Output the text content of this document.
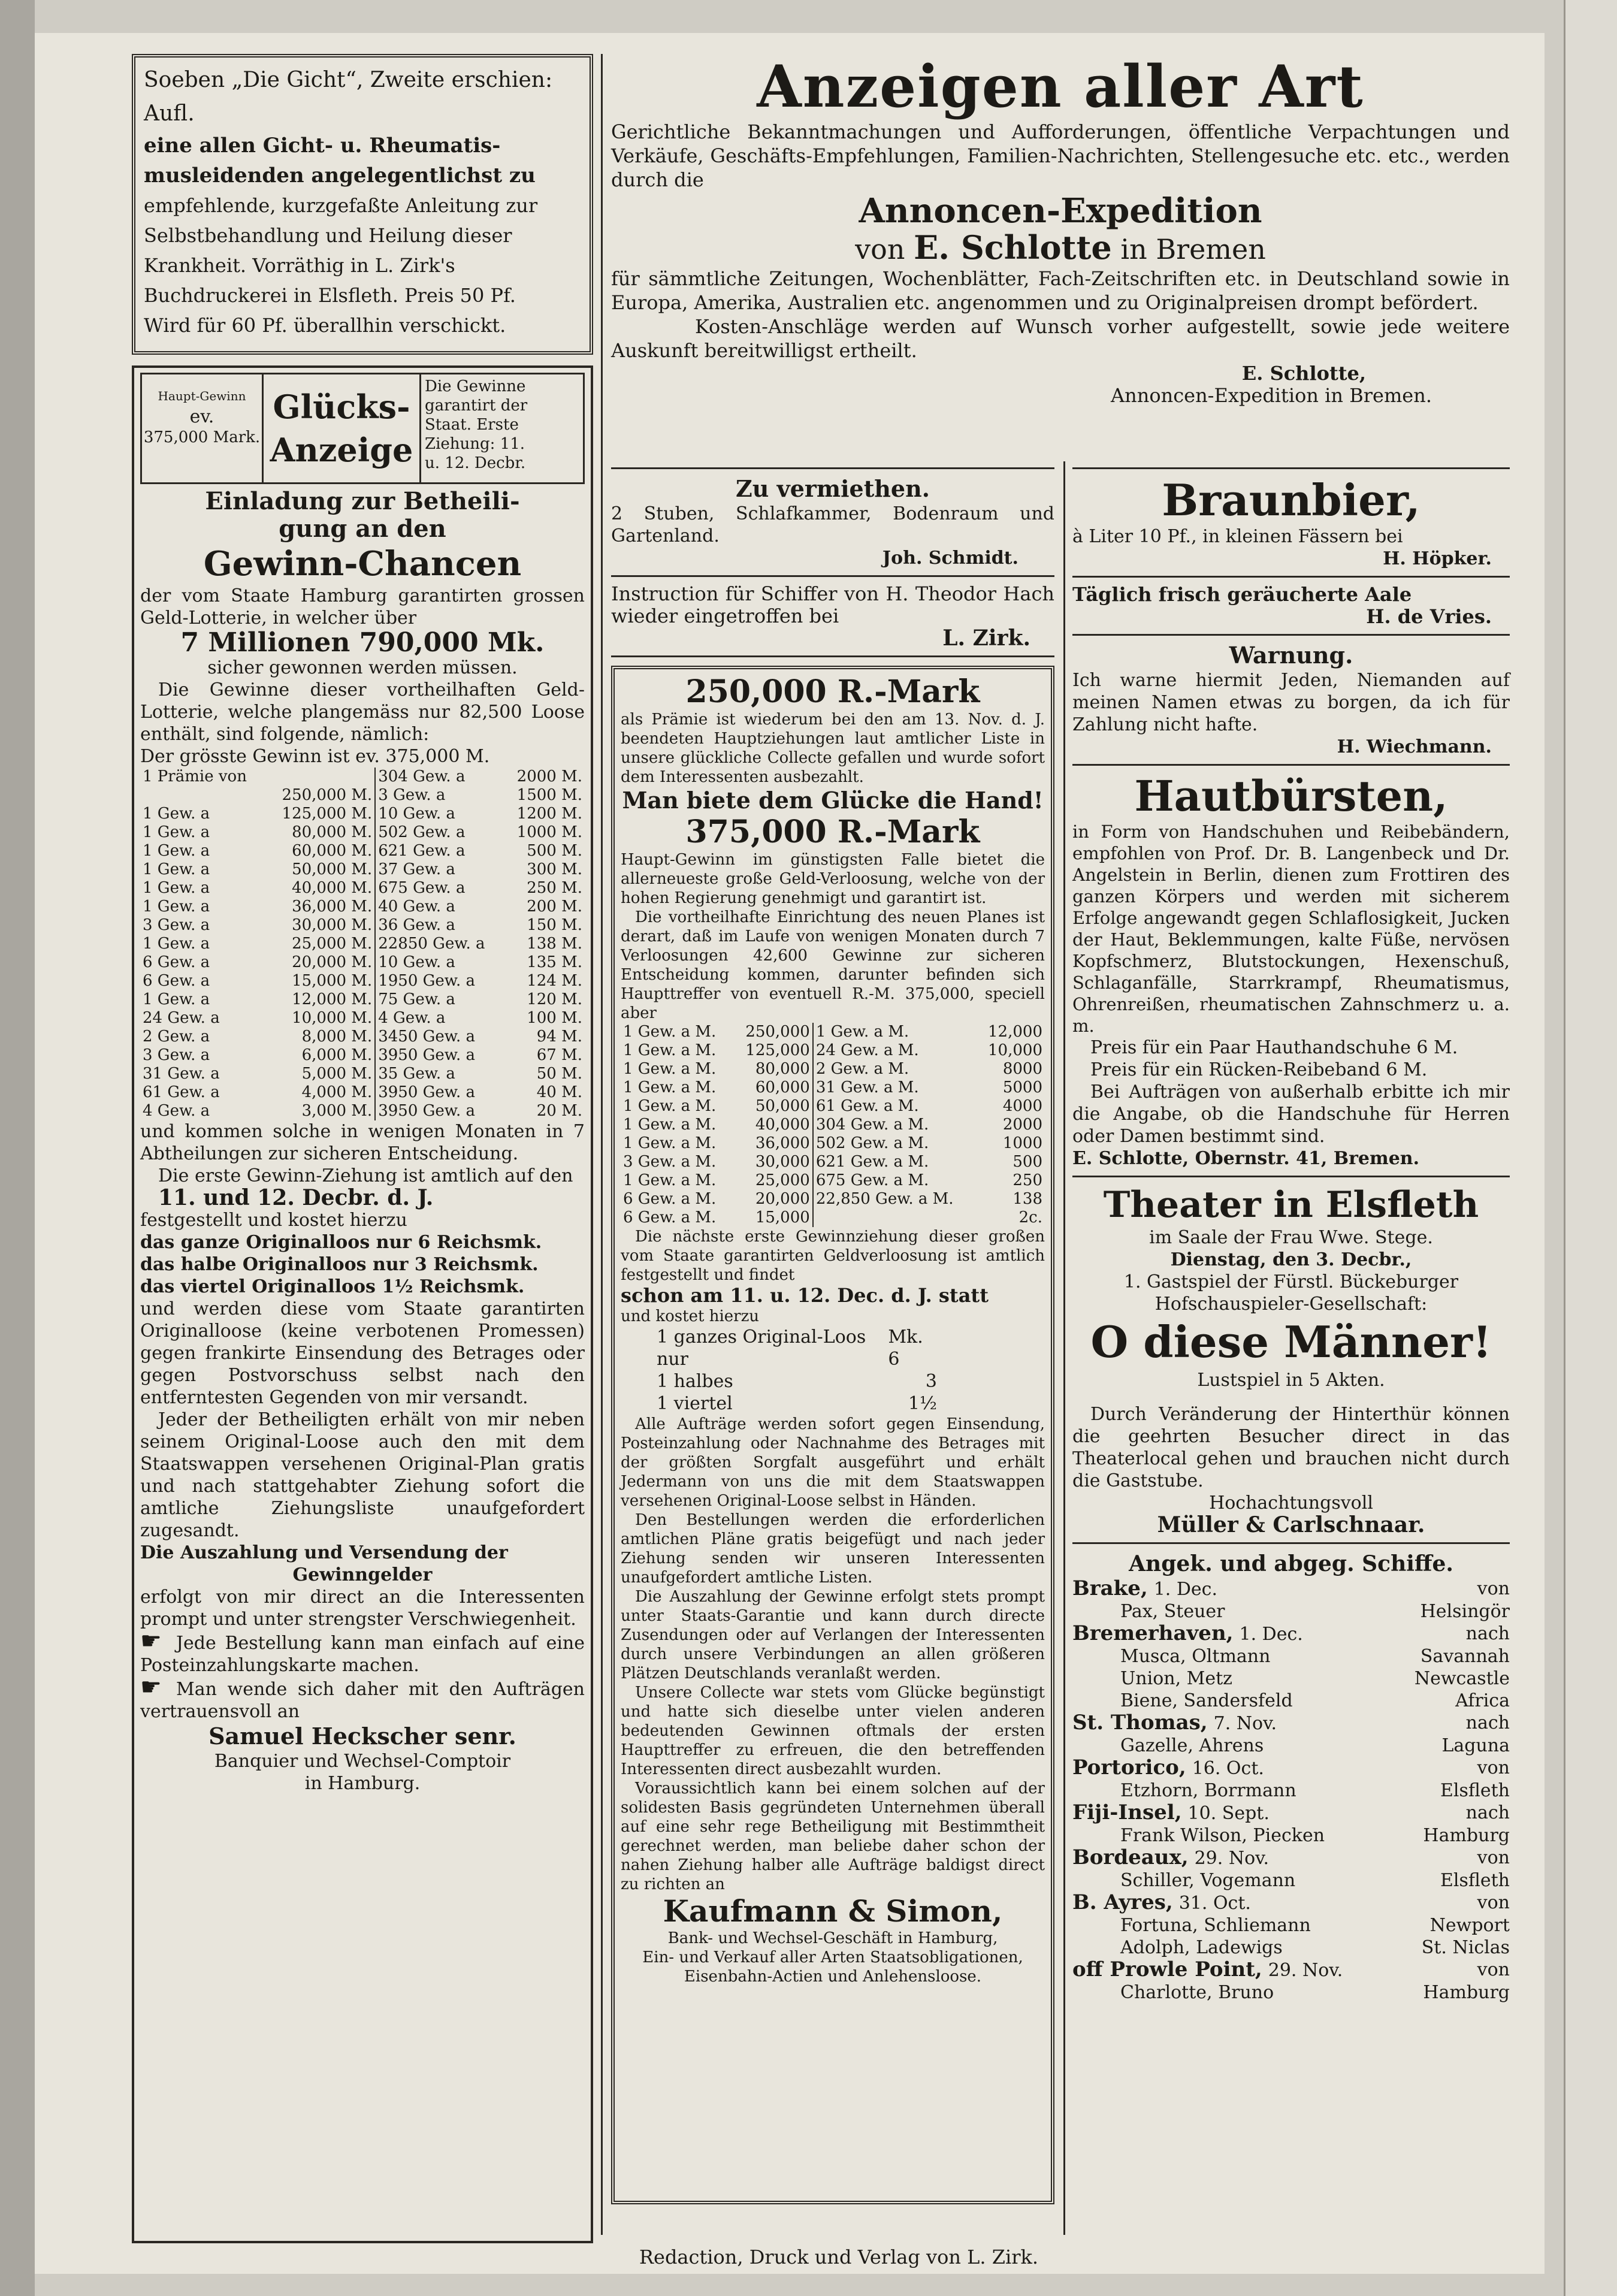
Soeben „Die Gicht“, Zweite erschien: Aufl.

eine allen Gicht- u. Rheumatis-

musleidenden angelegentlichst zu

empfehlende, kurzgefaßte Anleitung zur

Selbstbehandlung und Heilung dieser

Krankheit. Vorräthig in L. Zirk's

Buchdruckerei in Elsfleth. Preis 50 Pf.

Wird für 60 Pf. überallhin verschickt.

Haupt-Gewinn
ev.
375,000 Mark.
Glücks-Anzeige
Die Gewinne
garantirt der
Staat. Erste
Ziehung: 11.
u. 12. Decbr.
Einladung zur Betheili-
gung an den
Gewinn-Chancen

der vom Staate Hamburg garantirten grossen Geld-Lotterie, in welcher über

7 Millionen 790,000 Mk.

sicher gewonnen werden müssen.

Die Gewinne dieser vortheilhaften Geld-Lotterie, welche plangemäss nur 82,500 Loose enthält, sind folgende, nämlich:

Der grösste Gewinn ist ev. 375,000 M.

1 Prämie von		304 Gew. a	2000 M.
	250,000 M.	3 Gew. a	1500 M.
1 Gew. a	125,000 M.	10 Gew. a	1200 M.
1 Gew. a	80,000 M.	502 Gew. a	1000 M.
1 Gew. a	60,000 M.	621 Gew. a	500 M.
1 Gew. a	50,000 M.	37 Gew. a	300 M.
1 Gew. a	40,000 M.	675 Gew. a	250 M.
1 Gew. a	36,000 M.	40 Gew. a	200 M.
3 Gew. a	30,000 M.	36 Gew. a	150 M.
1 Gew. a	25,000 M.	22850 Gew. a	138 M.
6 Gew. a	20,000 M.	10 Gew. a	135 M.
6 Gew. a	15,000 M.	1950 Gew. a	124 M.
1 Gew. a	12,000 M.	75 Gew. a	120 M.
24 Gew. a	10,000 M.	4 Gew. a	100 M.
2 Gew. a	8,000 M.	3450 Gew. a	94 M.
3 Gew. a	6,000 M.	3950 Gew. a	67 M.
31 Gew. a	5,000 M.	35 Gew. a	50 M.
61 Gew. a	4,000 M.	3950 Gew. a	40 M.
4 Gew. a	3,000 M.	3950 Gew. a	20 M.

und kommen solche in wenigen Monaten in 7 Abtheilungen zur sicheren Entscheidung.

Die erste Gewinn-Ziehung ist amtlich auf den

11. und 12. Decbr. d. J.

festgestellt und kostet hierzu

das ganze Originalloos nur 6 Reichsmk.

das halbe Originalloos nur 3 Reichsmk.

das viertel Originalloos 1½ Reichsmk.

und werden diese vom Staate garantirten Originalloose (keine verbotenen Promessen) gegen frankirte Einsendung des Betrages oder gegen Postvorschuss selbst nach den entferntesten Gegenden von mir versandt.

Jeder der Betheiligten erhält von mir neben seinem Original-Loose auch den mit dem Staatswappen versehenen Original-Plan gratis und nach stattgehabter Ziehung sofort die amtliche Ziehungsliste unaufgefordert zugesandt.

Die Auszahlung und Versendung der

Gewinngelder

erfolgt von mir direct an die Interessenten prompt und unter strengster Verschwiegenheit.

☛ Jede Bestellung kann man einfach auf eine Posteinzahlungskarte machen.

☛ Man wende sich daher mit den Aufträgen vertrauensvoll an

Samuel Heckscher senr.

Banquier und Wechsel-Comptoir

in Hamburg.

Anzeigen aller Art

Gerichtliche Bekanntmachungen und Aufforderungen, öffentliche Verpachtungen und Verkäufe, Geschäfts-Empfehlungen, Familien-Nachrichten, Stellengesuche etc. etc., werden durch die

Annoncen-Expedition
von E. Schlotte in Bremen

für sämmtliche Zeitungen, Wochenblätter, Fach-Zeitschriften etc. in Deutschland sowie in Europa, Amerika, Australien etc. angenommen und zu Originalpreisen drompt befördert.

Kosten-Anschläge werden auf Wunsch vorher aufgestellt, sowie jede weitere Auskunft bereitwilligst ertheilt.

E. Schlotte,

Annoncen-Expedition in Bremen.

Zu vermiethen.

2 Stuben, Schlafkammer, Bodenraum und Gartenland.

Joh. Schmidt.

Instruction für Schiffer von H. Theodor Hach wieder eingetroffen bei

L. Zirk.

250,000 R.-Mark

als Prämie ist wiederum bei den am 13. Nov. d. J. beendeten Hauptziehungen laut amtlicher Liste in unsere glückliche Collecte gefallen und wurde sofort dem Interessenten ausbezahlt.

Man biete dem Glücke die Hand!
375,000 R.-Mark

Haupt-Gewinn im günstigsten Falle bietet die allerneueste große Geld-Verloosung, welche von der hohen Regierung genehmigt und garantirt ist.

Die vortheilhafte Einrichtung des neuen Planes ist derart, daß im Laufe von wenigen Monaten durch 7 Verloosungen 42,600 Gewinne zur sicheren Entscheidung kommen, darunter befinden sich Haupttreffer von eventuell R.-M. 375,000, speciell aber

1 Gew. a M.	250,000	1 Gew. a M.	12,000
1 Gew. a M.	125,000	24 Gew. a M.	10,000
1 Gew. a M.	80,000	2 Gew. a M.	8000
1 Gew. a M.	60,000	31 Gew. a M.	5000
1 Gew. a M.	50,000	61 Gew. a M.	4000
1 Gew. a M.	40,000	304 Gew. a M.	2000
1 Gew. a M.	36,000	502 Gew. a M.	1000
3 Gew. a M.	30,000	621 Gew. a M.	500
1 Gew. a M.	25,000	675 Gew. a M.	250
6 Gew. a M.	20,000	22,850 Gew. a M.	138
6 Gew. a M.	15,000		2c.

Die nächste erste Gewinnziehung dieser großen vom Staate garantirten Geldverloosung ist amtlich festgestellt und findet

schon am 11. u. 12. Dec. d. J. statt

und kostet hierzu

1 ganzes Original-Loos nur
Mk. 6
1 halbes	3
1 viertel	1½

Alle Aufträge werden sofort gegen Einsendung, Posteinzahlung oder Nachnahme des Betrages mit der größten Sorgfalt ausgeführt und erhält Jedermann von uns die mit dem Staatswappen versehenen Original-Loose selbst in Händen.

Den Bestellungen werden die erforderlichen amtlichen Pläne gratis beigefügt und nach jeder Ziehung senden wir unseren Interessenten unaufgefordert amtliche Listen.

Die Auszahlung der Gewinne erfolgt stets prompt unter Staats-Garantie und kann durch directe Zusendungen oder auf Verlangen der Interessenten durch unsere Verbindungen an allen größeren Plätzen Deutschlands veranlaßt werden.

Unsere Collecte war stets vom Glücke begünstigt und hatte sich dieselbe unter vielen anderen bedeutenden Gewinnen oftmals der ersten Haupttreffer zu erfreuen, die den betreffenden Interessenten direct ausbezahlt wurden.

Voraussichtlich kann bei einem solchen auf der solidesten Basis gegründeten Unternehmen überall auf eine sehr rege Betheiligung mit Bestimmtheit gerechnet werden, man beliebe daher schon der nahen Ziehung halber alle Aufträge baldigst direct zu richten an

Kaufmann & Simon,

Bank- und Wechsel-Geschäft in Hamburg,

Ein- und Verkauf aller Arten Staatsobligationen, Eisenbahn-Actien und Anlehensloose.

Braunbier,

à Liter 10 Pf., in kleinen Fässern bei

H. Höpker.

Täglich frisch geräucherte Aale

H. de Vries.

Warnung.

Ich warne hiermit Jeden, Niemanden auf meinen Namen etwas zu borgen, da ich für Zahlung nicht hafte.

H. Wiechmann.

Hautbürsten,

in Form von Handschuhen und Reibebändern, empfohlen von Prof. Dr. B. Langenbeck und Dr. Angelstein in Berlin, dienen zum Frottiren des ganzen Körpers und werden mit sicherem Erfolge angewandt gegen Schlaflosigkeit, Jucken der Haut, Beklemmungen, kalte Füße, nervösen Kopfschmerz, Blutstockungen, Hexenschuß, Schlaganfälle, Starrkrampf, Rheumatismus, Ohrenreißen, rheumatischen Zahnschmerz u. a. m.

Preis für ein Paar Hauthandschuhe 6 M.

Preis für ein Rücken-Reibeband 6 M.

Bei Aufträgen von außerhalb erbitte ich mir die Angabe, ob die Handschuhe für Herren oder Damen bestimmt sind.

E. Schlotte, Obernstr. 41, Bremen.

Theater in Elsfleth

im Saale der Frau Wwe. Stege.

Dienstag, den 3. Decbr.,

1. Gastspiel der Fürstl. Bückeburger Hofschauspieler-Gesellschaft:

O diese Männer!

Lustspiel in 5 Akten.

Durch Veränderung der Hinterthür können die geehrten Besucher direct in das Theaterlocal gehen und brauchen nicht durch die Gaststube.

Hochachtungsvoll

Müller & Carlschnaar.

Angek. und abgeg. Schiffe.
Brake, 1. Dec.	von
Pax, Steuer	Helsingör
Bremerhaven, 1. Dec.	nach
Musca, Oltmann	Savannah
Union, Metz	Newcastle
Biene, Sandersfeld	Africa
St. Thomas, 7. Nov.	nach
Gazelle, Ahrens	Laguna
Portorico, 16. Oct.	von
Etzhorn, Borrmann	Elsfleth
Fiji-Insel, 10. Sept.	nach
Frank Wilson, Piecken	Hamburg
Bordeaux, 29. Nov.	von
Schiller, Vogemann	Elsfleth
B. Ayres, 31. Oct.	von
Fortuna, Schliemann	Newport
Adolph, Ladewigs	St. Niclas
off Prowle Point, 29. Nov.	von
Charlotte, Bruno	Hamburg
Redaction, Druck und Verlag von L. Zirk.
